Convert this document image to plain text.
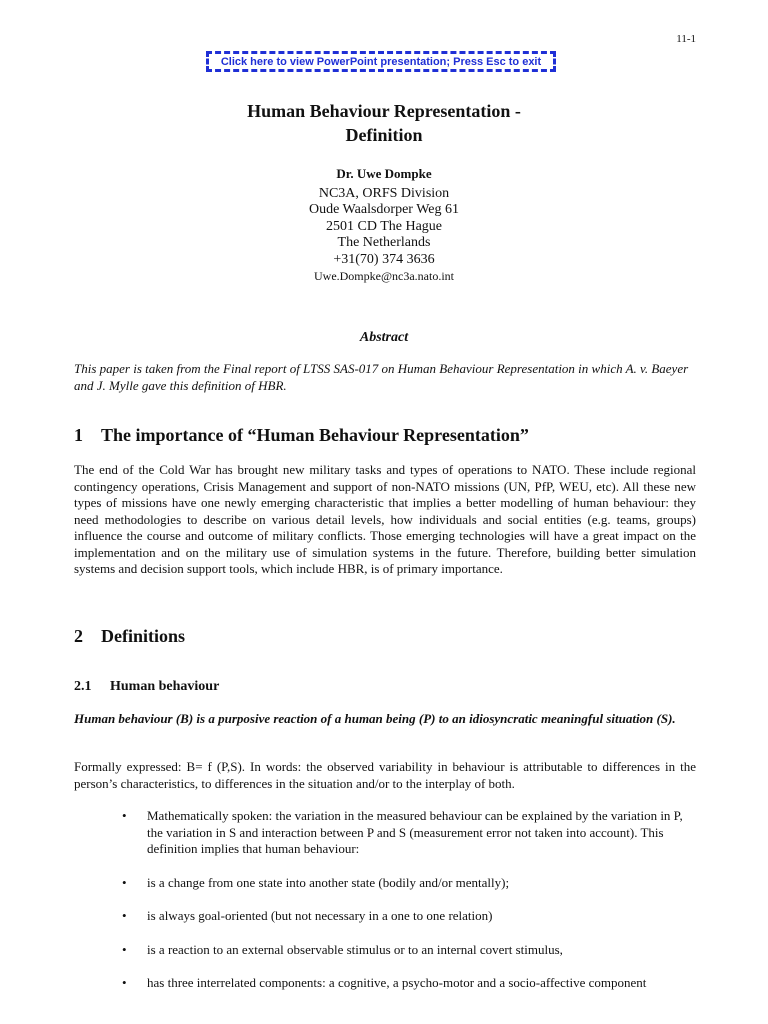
11-1
Click here to view PowerPoint presentation; Press Esc to exit
Human Behaviour Representation -
Definition
Dr. Uwe Dompke
NC3A, ORFS Division
Oude Waalsdorper Weg 61
2501 CD The Hague
The Netherlands
+31(70) 374 3636
Uwe.Dompke@nc3a.nato.int
Abstract

This paper is taken from the Final report of LTSS SAS-017 on Human Behaviour Representation in which A. v. Baeyer and J. Mylle gave this definition of HBR.

1 The importance of “Human Behaviour Representation”

The end of the Cold War has brought new military tasks and types of operations to NATO. These include regional contingency operations, Crisis Management and support of non-NATO missions (UN, PfP, WEU, etc). All these new types of missions have one newly emerging characteristic that implies a better modelling of human behaviour: they need methodologies to describe on various detail levels, how individuals and social entities (e.g. teams, groups) influence the course and outcome of military conflicts. Those emerging technologies will have a great impact on the implementation and on the military use of simulation systems in the future. Therefore, building better simulation systems and decision support tools, which include HBR, is of primary importance.

2 Definitions
2.1 Human behaviour

Human behaviour (B) is a purposive reaction of a human being (P) to an idiosyncratic meaningful situation (S).

Formally expressed: B= f (P,S). In words: the observed variability in behaviour is attributable to differences in the person’s characteristics, to differences in the situation and/or to the interplay of both.

• Mathematically spoken: the variation in the measured behaviour can be explained by the variation in P, the variation in S and interaction between P and S (measurement error not taken into account). This definition implies that human behaviour:
• is a change from one state into another state (bodily and/or mentally);
• is always goal-oriented (but not necessary in a one to one relation)
• is a reaction to an external observable stimulus or to an internal covert stimulus,
• has three interrelated components: a cognitive, a psycho-motor and a socio-affective component
